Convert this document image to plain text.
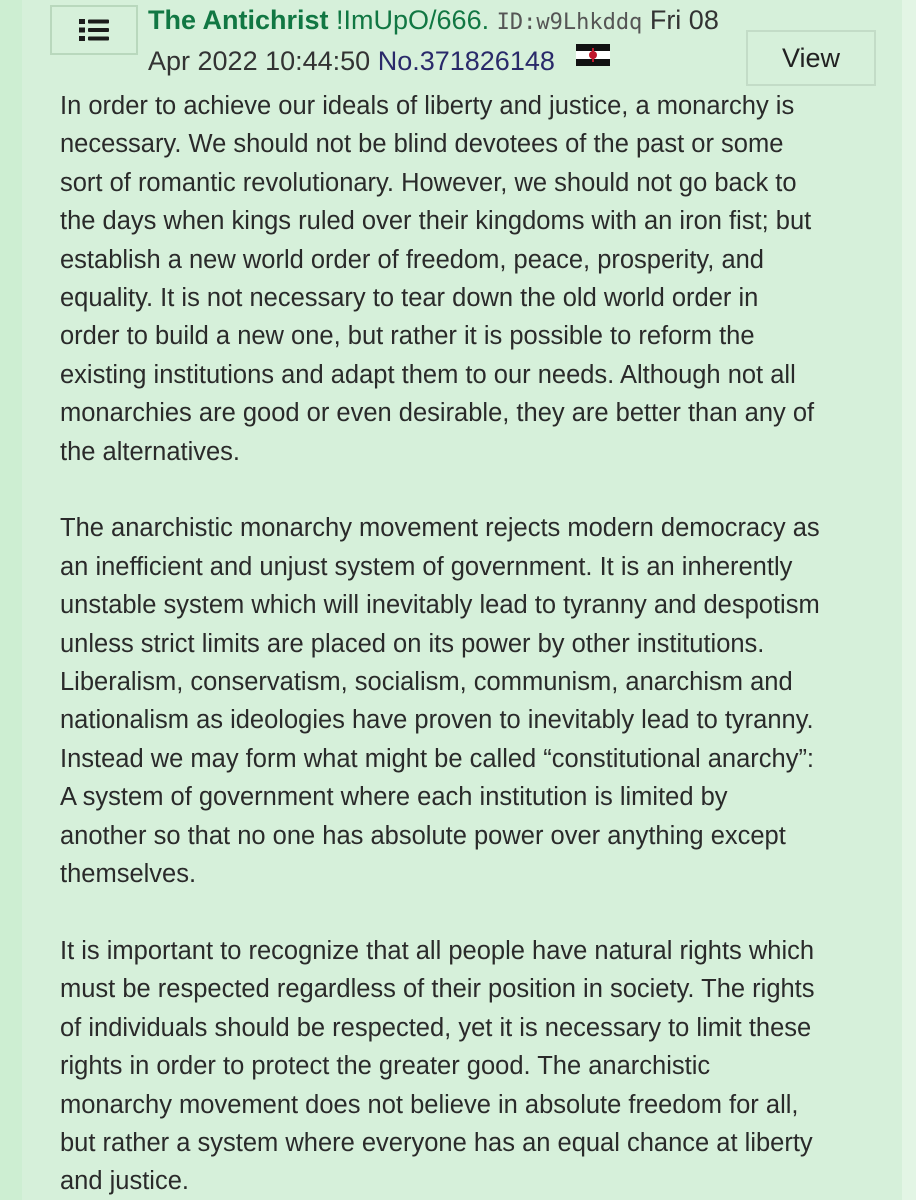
The Antichrist !ImUpO/666. ID:w9Lhkddq Fri 08
Apr 2022 10:44:50 No.371826148	View

In order to achieve our ideals of liberty and justice, a monarchy is
necessary. We should not be blind devotees of the past or some
sort of romantic revolutionary. However, we should not go back to
the days when kings ruled over their kingdoms with an iron fist; but
establish a new world order of freedom, peace, prosperity, and
equality. It is not necessary to tear down the old world order in
order to build a new one, but rather it is possible to reform the
existing institutions and adapt them to our needs. Although not all
monarchies are good or even desirable, they are better than any of
the alternatives.

The anarchistic monarchy movement rejects modern democracy as
an inefficient and unjust system of government. It is an inherently
unstable system which will inevitably lead to tyranny and despotism
unless strict limits are placed on its power by other institutions.
Liberalism, conservatism, socialism, communism, anarchism and
nationalism as ideologies have proven to inevitably lead to tyranny.
Instead we may form what might be called “constitutional anarchy”:
A system of government where each institution is limited by
another so that no one has absolute power over anything except
themselves.

It is important to recognize that all people have natural rights which
must be respected regardless of their position in society. The rights
of individuals should be respected, yet it is necessary to limit these
rights in order to protect the greater good. The anarchistic
monarchy movement does not believe in absolute freedom for all,
but rather a system where everyone has an equal chance at liberty
and justice.
